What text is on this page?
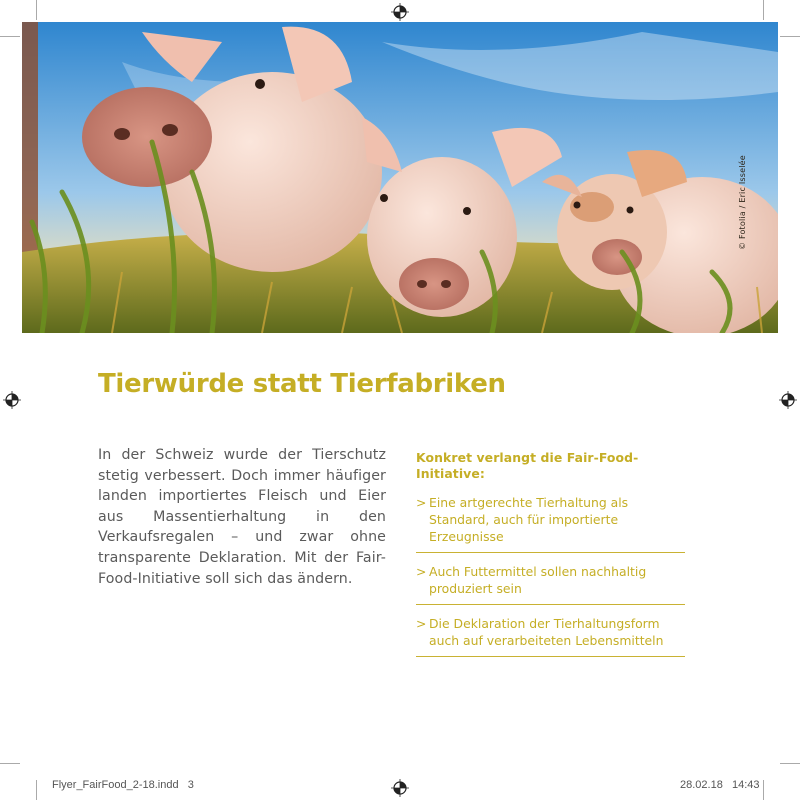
© Fotolia / Eric Isselée
Tierwürde statt Tierfabriken

In der Schweiz wurde der Tierschutz stetig verbessert. Doch immer häufiger landen importiertes Fleisch und Eier aus Massentierhaltung in den Verkaufsregalen – und zwar ohne transparente Deklaration. Mit der Fair-Food-Initiative soll sich das ändern.

Konkret verlangt die Fair-Food-Initiative:

> Eine artgerechte Tierhaltung als Standard, auch für importierte Erzeugnisse
> Auch Futtermittel sollen nachhaltig produziert sein
> Die Deklaration der Tierhaltungsform auch auf verarbeiteten Lebensmitteln
Flyer_FairFood_2-18.indd   3	28.02.18   14:43
